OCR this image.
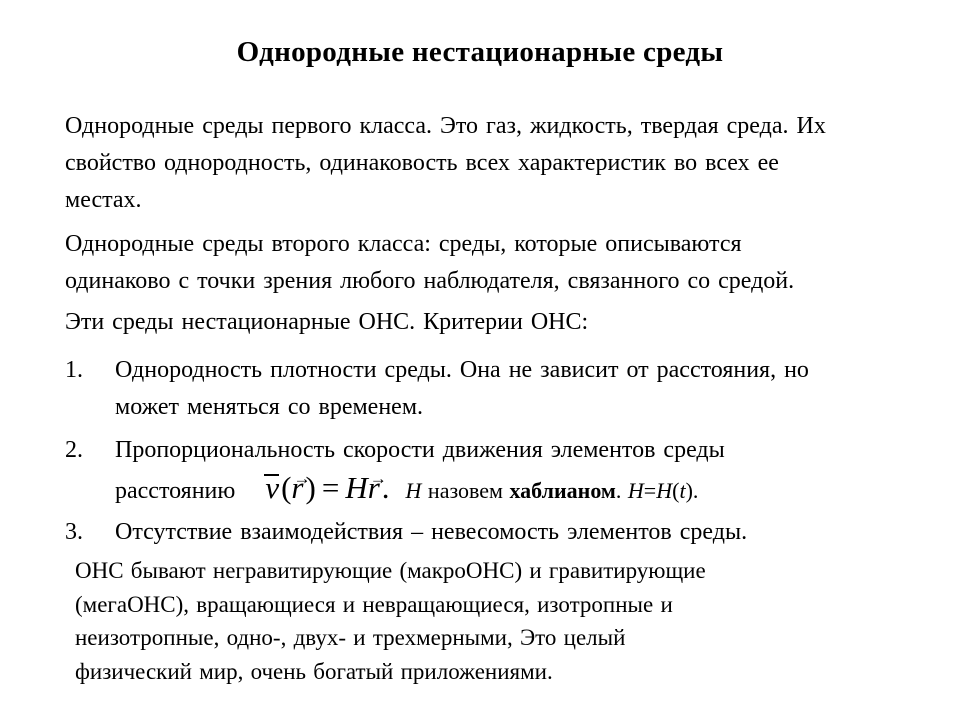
Однородные нестационарные среды
Однородные среды первого класса. Это газ, жидкость, твердая среда. Их
свойство однородность, одинаковость всех характеристик во всех ее
местах.
Однородные среды второго класса: среды, которые описываются
одинаково с точки зрения любого наблюдателя, связанного со средой.
Эти среды нестационарные ОНС. Критерии ОНС:
1.	Однородность плотности среды. Она не зависит от расстояния, но
может меняться со временем.
2.	Пропорциональность скорости движения элементов среды
расстоянию v(r →) = Hr →. H назовем хаблианом. H=H(t).
3.	Отсутствие взаимодействия – невесомость элементов среды.
ОНС бывают негравитирующие (макроОНС) и гравитирующие
(мегаОНС), вращающиеся и невращающиеся, изотропные и
неизотропные, одно-, двух- и трехмерными, Это целый
физический мир, очень богатый приложениями.
